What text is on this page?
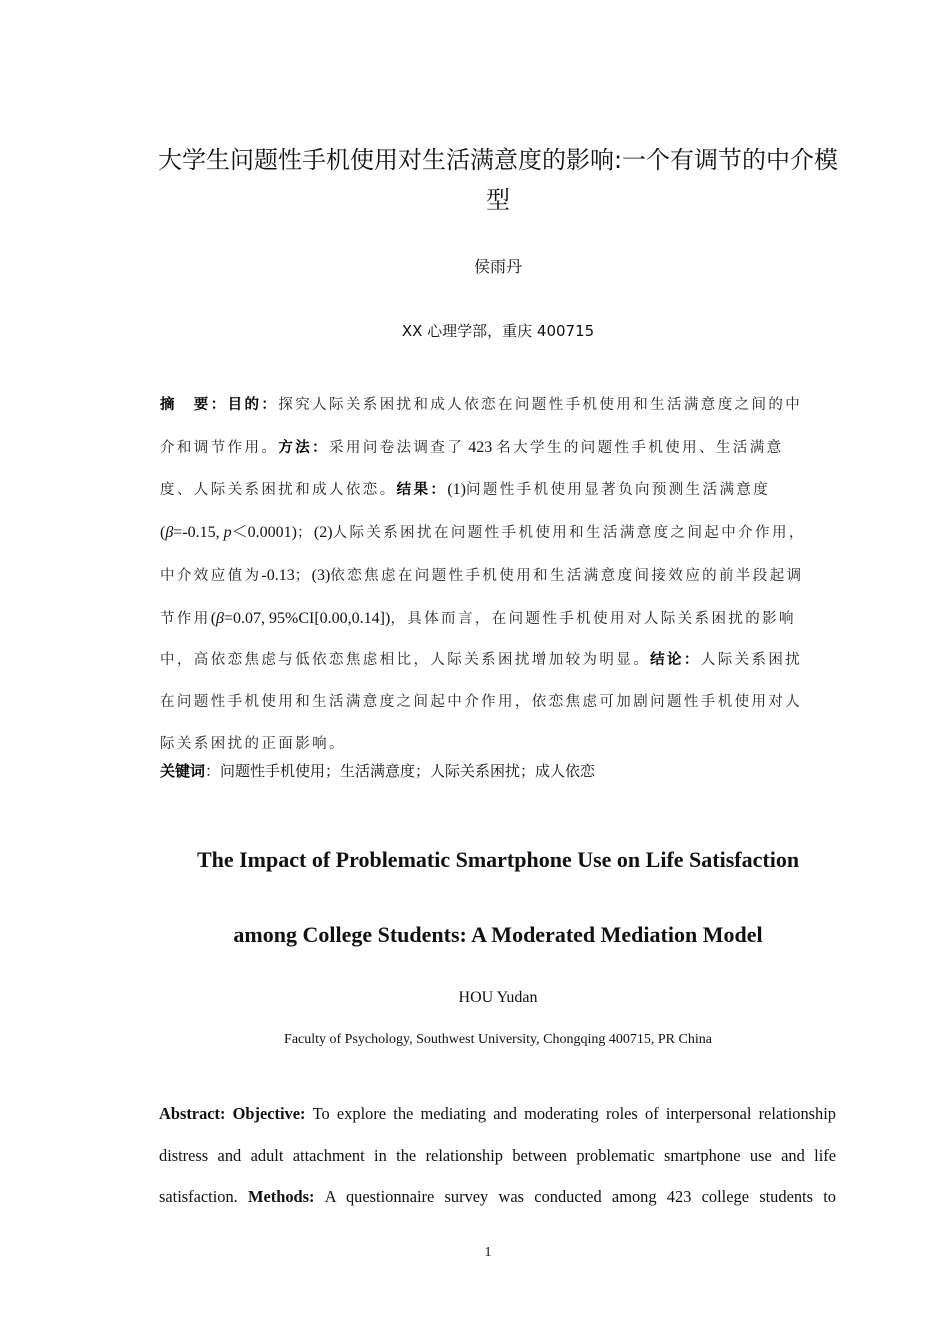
大学生问题性手机使用对生活满意度的影响:一个有调节的中介模型
侯雨丹
XX 心理学部，重庆 400715
摘　要：目的：探究人际关系困扰和成人依恋在问题性手机使用和生活满意度之间的中介和调节作用。方法：采用问卷法调查了 423 名大学生的问题性手机使用、生活满意度、人际关系困扰和成人依恋。结果：(1)问题性手机使用显著负向预测生活满意度(β=-0.15, p＜0.0001)；(2)人际关系困扰在问题性手机使用和生活满意度之间起中介作用，中介效应值为-0.13；(3)依恋焦虑在问题性手机使用和生活满意度间接效应的前半段起调节作用(β=0.07, 95%CI[0.00,0.14])，具体而言，在问题性手机使用对人际关系困扰的影响中，高依恋焦虑与低依恋焦虑相比，人际关系困扰增加较为明显。结论：人际关系困扰在问题性手机使用和生活满意度之间起中介作用，依恋焦虑可加剧问题性手机使用对人际关系困扰的正面影响。
关键词：问题性手机使用；生活满意度；人际关系困扰；成人依恋
The Impact of Problematic Smartphone Use on Life Satisfaction
among College Students: A Moderated Mediation Model
HOU Yudan
Faculty of Psychology, Southwest University, Chongqing 400715, PR China
Abstract: Objective: To explore the mediating and moderating roles of interpersonal relationship distress and adult attachment in the relationship between problematic smartphone use and life satisfaction. Methods: A questionnaire survey was conducted among 423 college students to
1
